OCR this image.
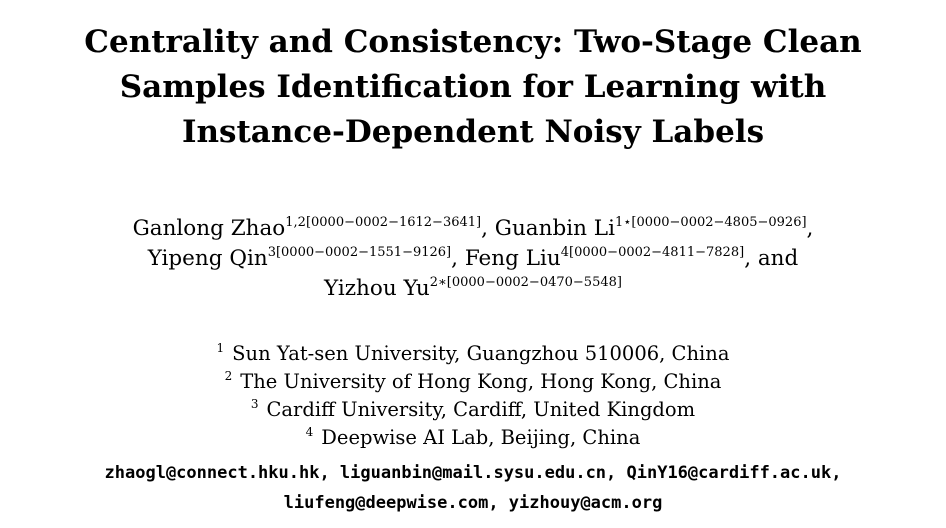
Centrality and Consistency: Two-Stage Clean
Samples Identification for Learning with
Instance-Dependent Noisy Labels
Ganlong Zhao$^{1,2[0000-0002-1612-3641]}$, Guanbin $Li^{1⋆[0000-0002-4805-0926]}$,
Yipeng Qin$^{3[0000-0002-1551-9126]}$, Feng Liu$^{4[0000-0002-4811-7828]}$, and
Yizhou $Yu^{2∗[0000-0002-0470-5548]}$
$^1$ Sun Yat-sen University, Guangzhou 510006, China
$^2$ The University of Hong Kong, Hong Kong, China
$^3$ Cardiff University, Cardiff, United Kingdom
$^4$ Deepwise AI Lab, Beijing, China
zhaogl@connect.hku.hk, liguanbin@mail.sysu.edu.cn, QinY16@cardiff.ac.uk,
liufeng@deepwise.com, yizhouy@acm.org
